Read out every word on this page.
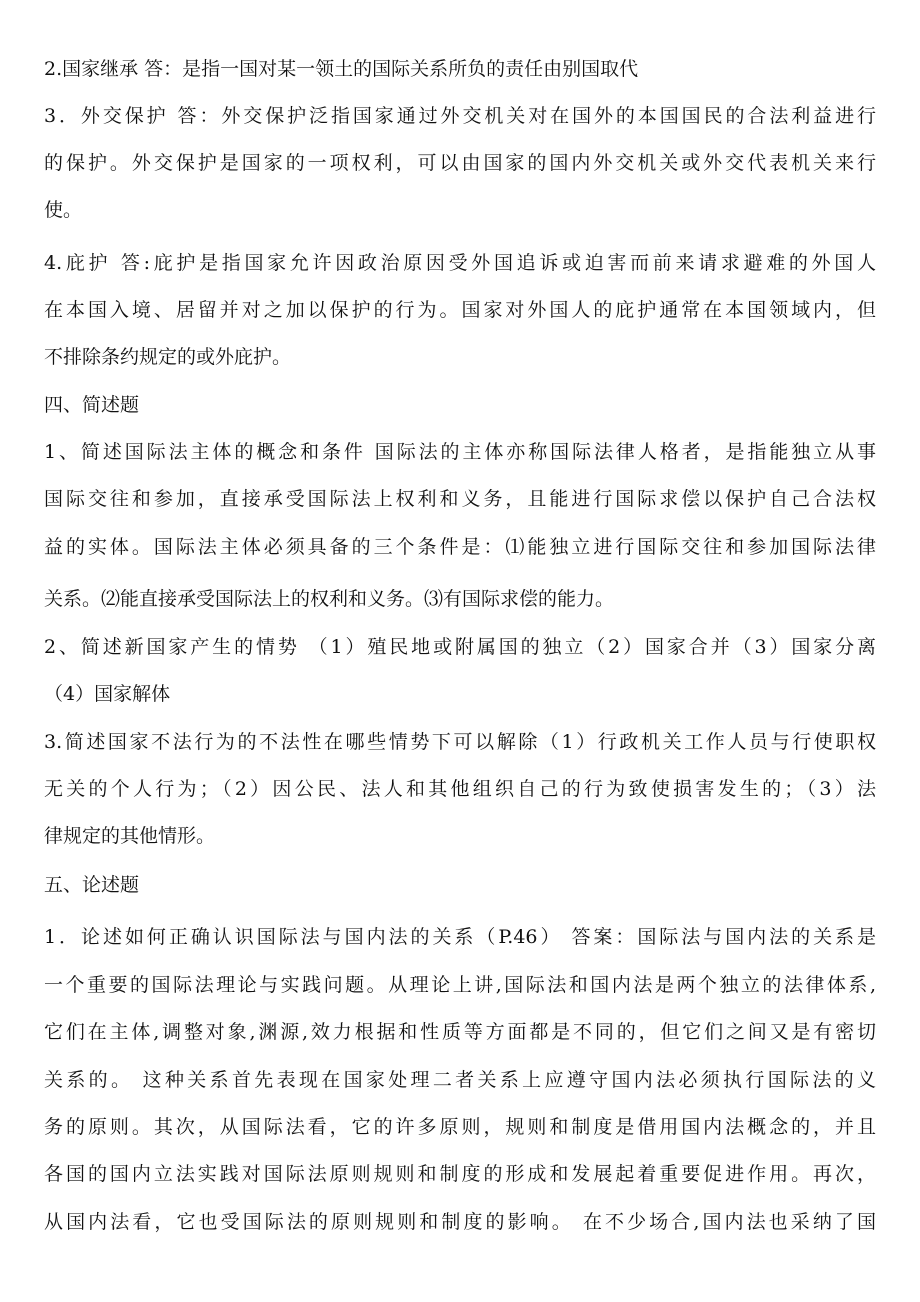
2.国家继承 答：是指一国对某一领土的国际关系所负的责任由别国取代
3．外交保护 答：外交保护泛指国家通过外交机关对在国外的本国国民的合法利益进行
的保护。外交保护是国家的一项权利，可以由国家的国内外交机关或外交代表机关来行
使。
4.庇护 答:庇护是指国家允许因政治原因受外国追诉或迫害而前来请求避难的外国人
在本国入境、居留并对之加以保护的行为。国家对外国人的庇护通常在本国领域内，但
不排除条约规定的或外庇护。
四、简述题
1、简述国际法主体的概念和条件 国际法的主体亦称国际法律人格者，是指能独立从事
国际交往和参加，直接承受国际法上权利和义务，且能进行国际求偿以保护自己合法权
益的实体。国际法主体必须具备的三个条件是：⑴能独立进行国际交往和参加国际法律
关系。⑵能直接承受国际法上的权利和义务。⑶有国际求偿的能力。
2、简述新国家产生的情势 （1）殖民地或附属国的独立（2）国家合并（3）国家分离
（4）国家解体
3.简述国家不法行为的不法性在哪些情势下可以解除（1）行政机关工作人员与行使职权
无关的个人行为；（2）因公民、法人和其他组织自己的行为致使损害发生的；（3）法
律规定的其他情形。
五、论述题
1．论述如何正确认识国际法与国内法的关系（P.46） 答案：国际法与国内法的关系是
一个重要的国际法理论与实践问题。从理论上讲,国际法和国内法是两个独立的法律体系,
它们在主体,调整对象,渊源,效力根据和性质等方面都是不同的，但它们之间又是有密切
关系的。 这种关系首先表现在国家处理二者关系上应遵守国内法必须执行国际法的义
务的原则。其次，从国际法看，它的许多原则，规则和制度是借用国内法概念的，并且
各国的国内立法实践对国际法原则规则和制度的形成和发展起着重要促进作用。再次，
从国内法看，它也受国际法的原则规则和制度的影响。 在不少场合,国内法也采纳了国
